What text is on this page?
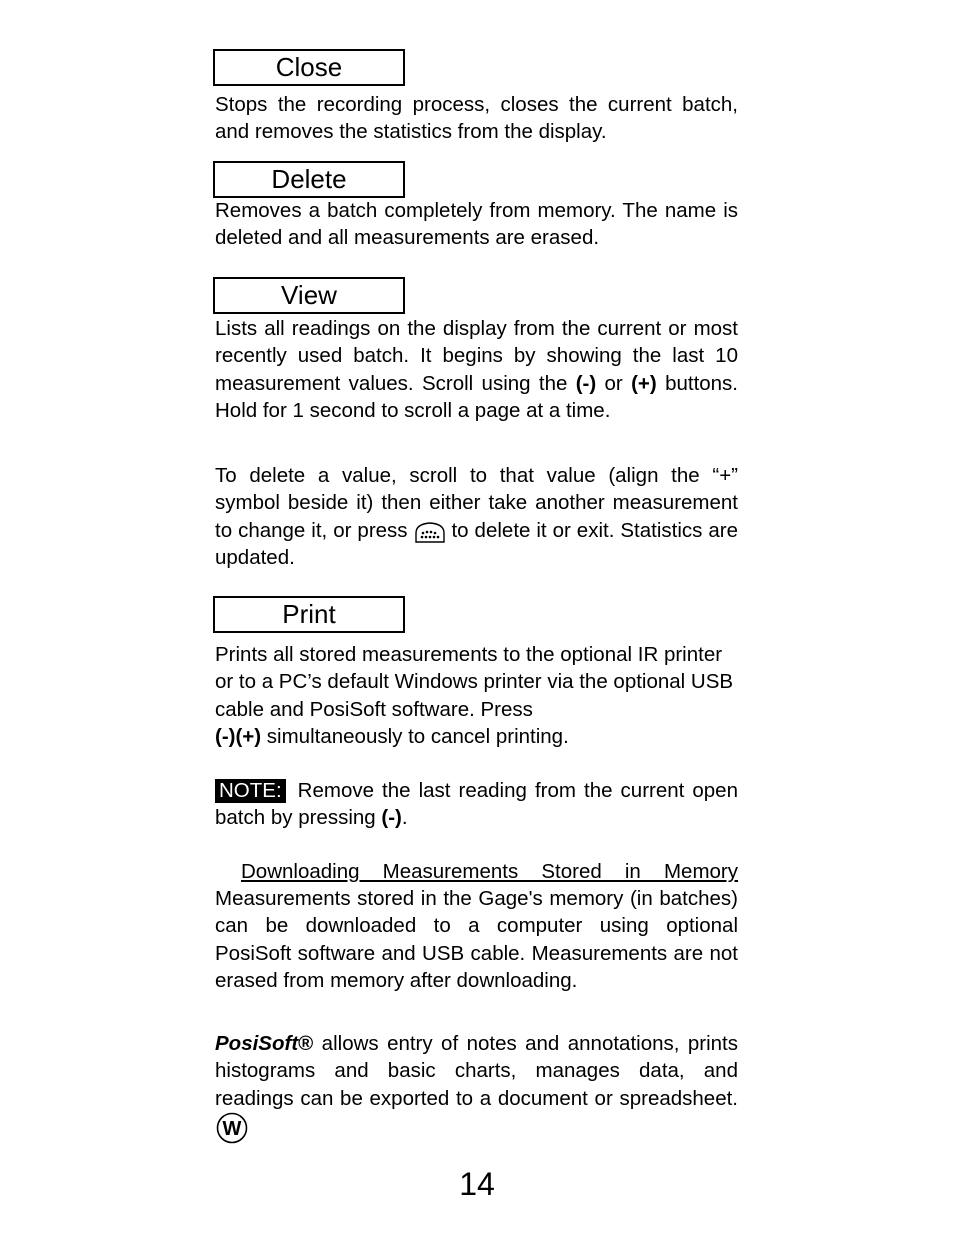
Close

Stops the recording process, closes the current batch, and removes the statistics from the display.

Delete

Removes a batch completely from memory. The name is deleted and all measurements are erased.

View

Lists all readings on the display from the current or most recently used batch. It begins by showing the last 10 measurement values. Scroll using the (-) or (+) buttons. Hold for 1 second to scroll a page at a time.

To delete a value, scroll to that value (align the “+” symbol beside it) then either take another measurement to change it, or press  to delete it or exit. Statistics are updated.

Print

Prints all stored measurements to the optional IR printer or to a PC’s default Windows printer via the optional USB cable and PosiSoft software. Press
(-)(+) simultaneously to cancel printing.

NOTE: Remove the last reading from the current open batch by pressing (-).

Downloading Measurements Stored in Memory

Measurements stored in the Gage's memory (in batches) can be downloaded to a computer using optional PosiSoft software and USB cable. Measurements are not erased from memory after downloading.

PosiSoft® allows entry of notes and annotations, prints histograms and basic charts, manages data, and readings can be exported to a document or spreadsheet.
W

14
